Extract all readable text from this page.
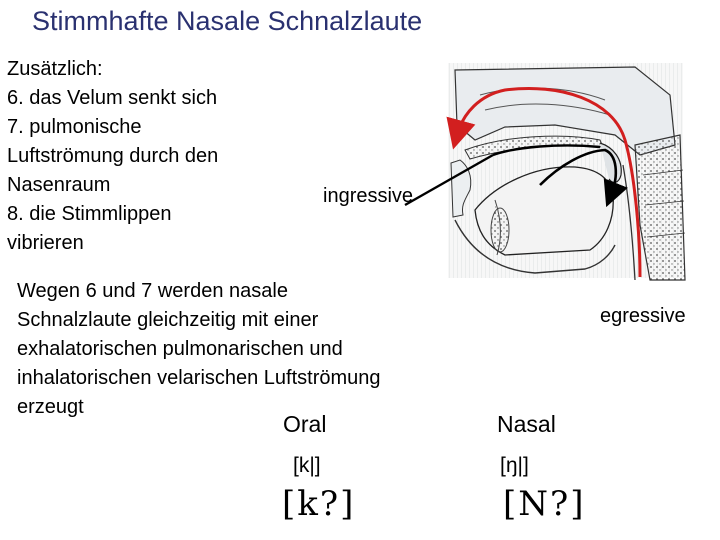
Stimmhafte Nasale Schnalzlaute
Zusätzlich:
6. das Velum senkt sich
7. pulmonische
Luftströmung durch den
Nasenraum
8. die Stimmlippen
vibrieren
ingressive
egressive
Wegen 6 und 7 werden nasale
Schnalzlaute gleichzeitig mit einer
exhalatorischen pulmonarischen und
inhalatorischen velarischen Luftströmung
erzeugt
Oral	Nasal
[k|]	[ŋ|]
[k?]	[N?]
